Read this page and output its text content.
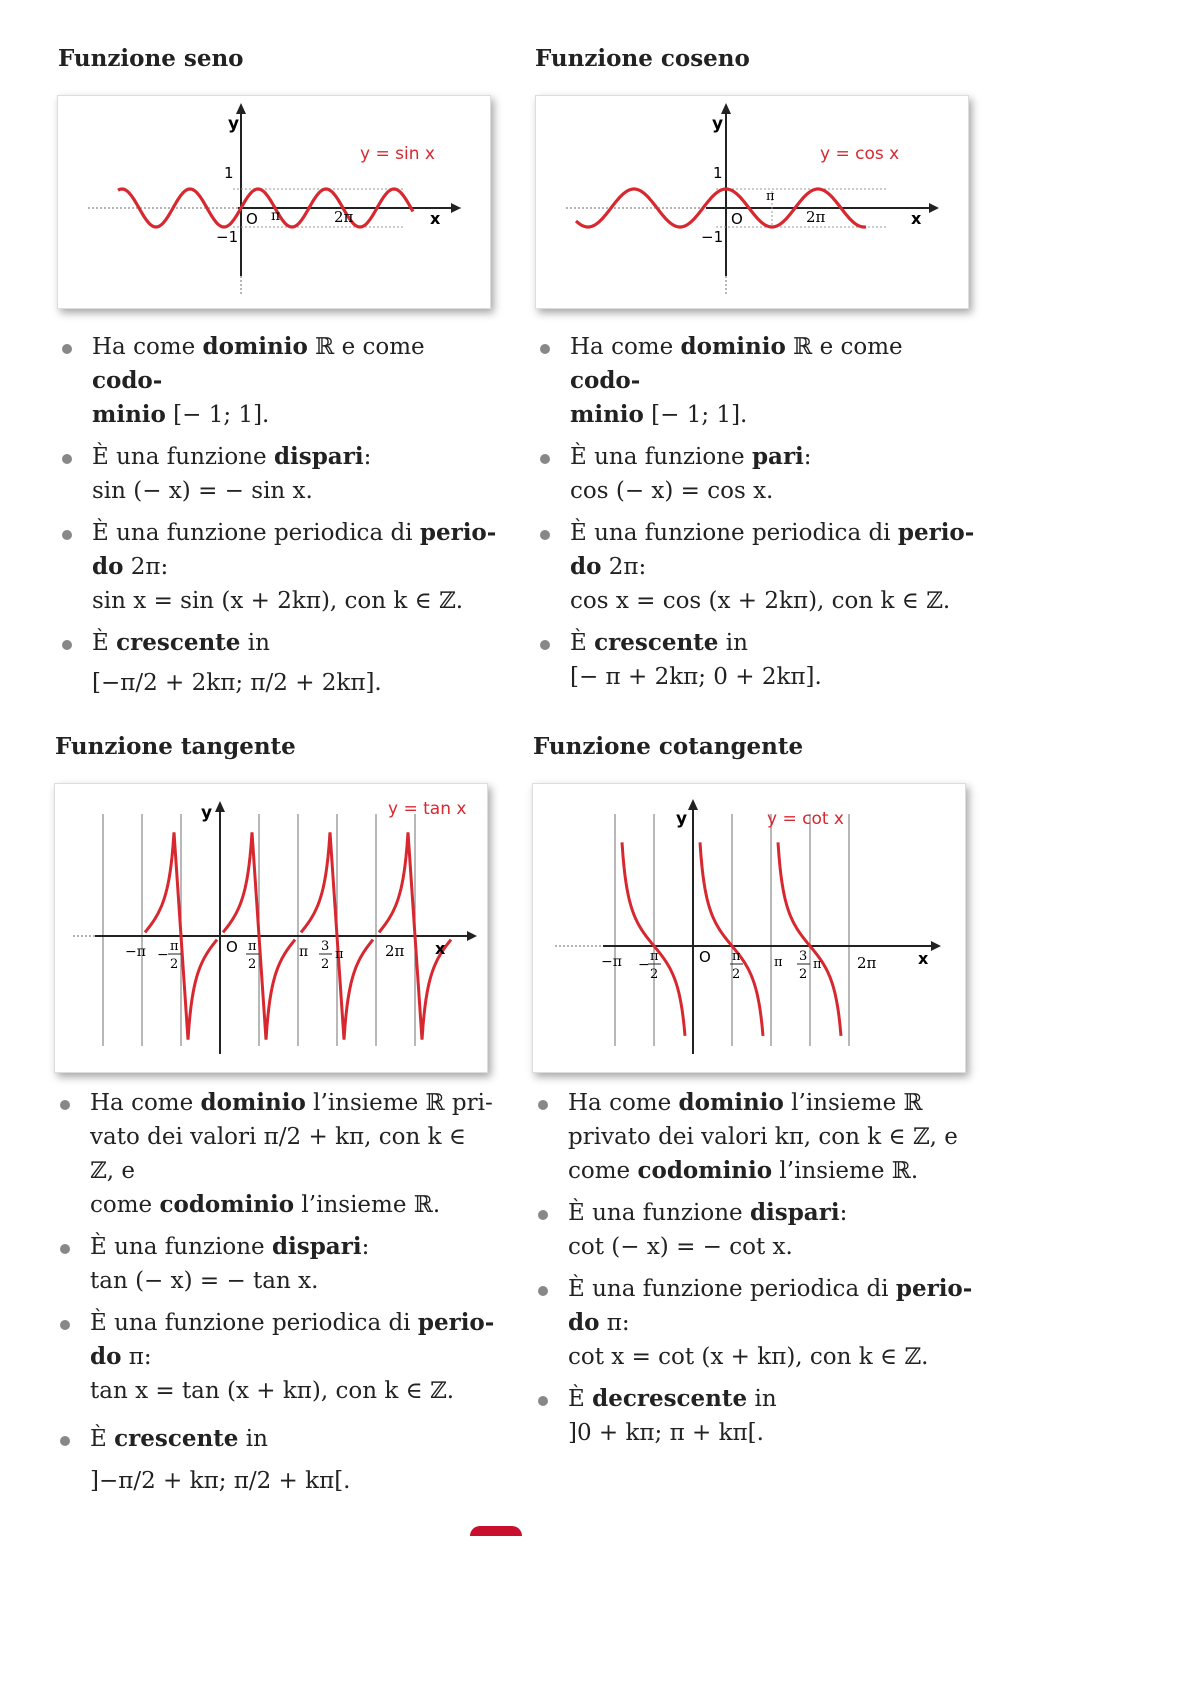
Funzione seno
y
x
1
−1
O π	2π
y = sin x
Ha come dominio ℝ e come codo-
minio [− 1; 1].
È una funzione dispari:
sin (− x) = − sin x.
È una funzione periodica di perio-
do 2π:
sin x = sin (x + 2kπ), con k ∈ ℤ.
È crescente in
[−π/2 + 2kπ; π/2 + 2kπ].
Funzione coseno
y
x
1
−1
O
π
2π
y = cos x
Ha come dominio ℝ e come codo-
minio [− 1; 1].
È una funzione pari:
cos (− x) = cos x.
È una funzione periodica di perio-
do 2π:
cos x = cos (x + 2kπ), con k ∈ ℤ.
È crescente in
[− π + 2kπ; 0 + 2kπ].
Funzione tangente
y
x
O
−π	π	2π
−
π
2
π
2
3
2
π
y = tan x
Ha come dominio l’insieme ℝ pri-
vato dei valori π/2 + kπ, con k ∈ ℤ, e
come codominio l’insieme ℝ.
È una funzione dispari:
tan (− x) = − tan x.
È una funzione periodica di perio-
do π:
tan x = tan (x + kπ), con k ∈ ℤ.
È crescente in
]−π/2 + kπ; π/2 + kπ[.
Funzione cotangente
y
x
O
−π	π	2π
−
π
2
π
2
3
2
π
y = cot x
Ha come dominio l’insieme ℝ
privato dei valori kπ, con k ∈ ℤ, e
come codominio l’insieme ℝ.
È una funzione dispari:
cot (− x) = − cot x.
È una funzione periodica di perio-
do π:
cot x = cot (x + kπ), con k ∈ ℤ.
È decrescente in
]0 + kπ; π + kπ[.
